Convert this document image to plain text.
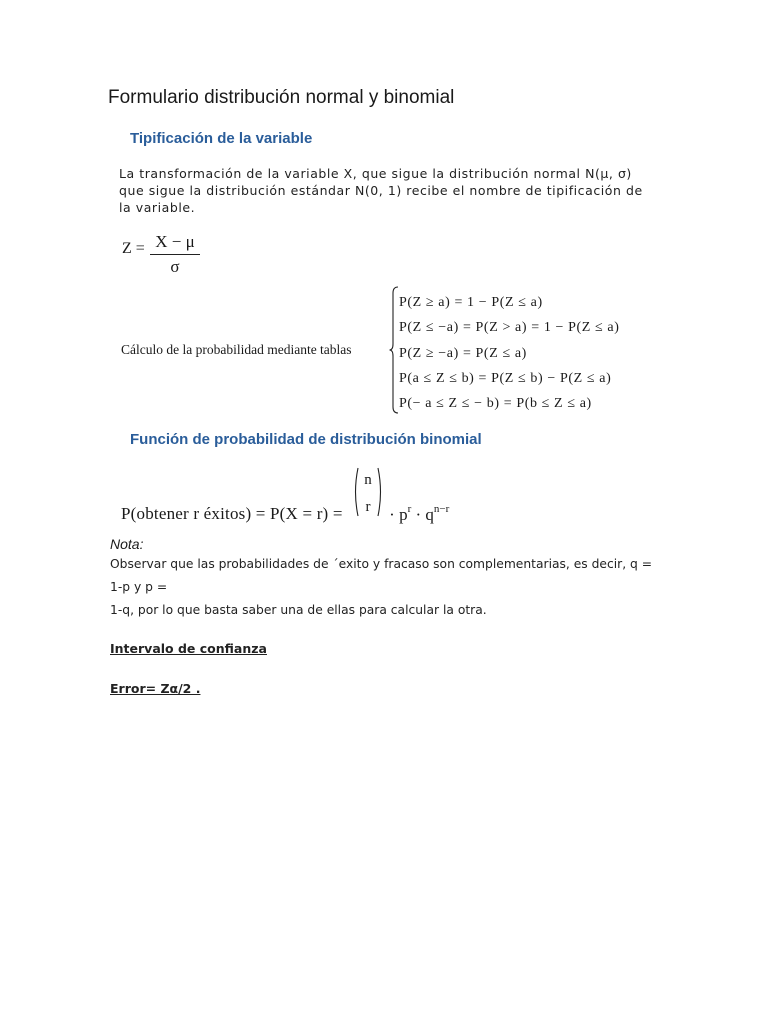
Formulario distribución normal y binomial
Tipificación de la variable
La transformación de la variable X, que sigue la distribución normal N(μ, σ) que sigue la distribución estándar N(0, 1) recibe el nombre de tipificación de la variable.
Z = X − μ
σ
Cálculo de la probabilidad mediante tablas
P(Z ≥ a) = 1 − P(Z ≤ a)
P(Z ≤ −a) = P(Z > a) = 1 − P(Z ≤ a)
P(Z ≥ −a) = P(Z ≤ a)
P(a ≤ Z ≤ b) = P(Z ≤ b) − P(Z ≤ a)
P(− a ≤ Z ≤ − b) = P(b ≤ Z ≤ a)
Función de probabilidad de distribución binomial
P(obtener r éxitos) = P(X = r) =
n
$r \cdot p^r \cdot q^{n-r}$
Nota:
Observar que las probabilidades de ´exito y fracaso son complementarias, es decir, q =
1-p y p =
1-q, por lo que basta saber una de ellas para calcular la otra.
Intervalo de confianza
Error= Zα/2 .
